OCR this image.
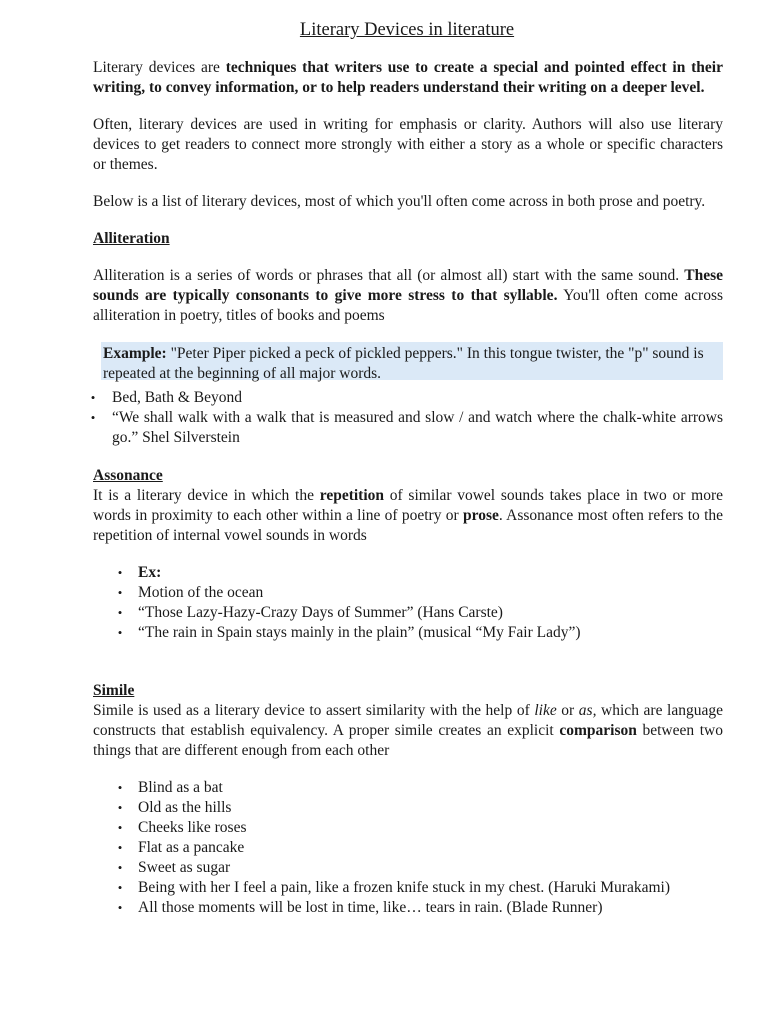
Literary Devices in literature

Literary devices are techniques that writers use to create a special and pointed effect in their writing, to convey information, or to help readers understand their writing on a deeper level.

Often, literary devices are used in writing for emphasis or clarity. Authors will also use literary devices to get readers to connect more strongly with either a story as a whole or specific characters or themes.

Below is a list of literary devices, most of which you'll often come across in both prose and poetry.

Alliteration

Alliteration is a series of words or phrases that all (or almost all) start with the same sound. These sounds are typically consonants to give more stress to that syllable. You'll often come across alliteration in poetry, titles of books and poems

Example: "Peter Piper picked a peck of pickled peppers." In this tongue twister, the "p" sound is repeated at the beginning of all major words.

• Bed, Bath & Beyond
• “We shall walk with a walk that is measured and slow / and watch where the chalk-white arrows go.” Shel Silverstein
Assonance

It is a literary device in which the repetition of similar vowel sounds takes place in two or more words in proximity to each other within a line of poetry or prose. Assonance most often refers to the repetition of internal vowel sounds in words

• Ex:
• Motion of the ocean
• “Those Lazy-Hazy-Crazy Days of Summer” (Hans Carste)
• “The rain in Spain stays mainly in the plain” (musical “My Fair Lady”)
Simile

Simile is used as a literary device to assert similarity with the help of like or as, which are language constructs that establish equivalency. A proper simile creates an explicit comparison between two things that are different enough from each other

• Blind as a bat
• Old as the hills
• Cheeks like roses
• Flat as a pancake
• Sweet as sugar
• Being with her I feel a pain, like a frozen knife stuck in my chest. (Haruki Murakami)
• All those moments will be lost in time, like… tears in rain. (Blade Runner)
